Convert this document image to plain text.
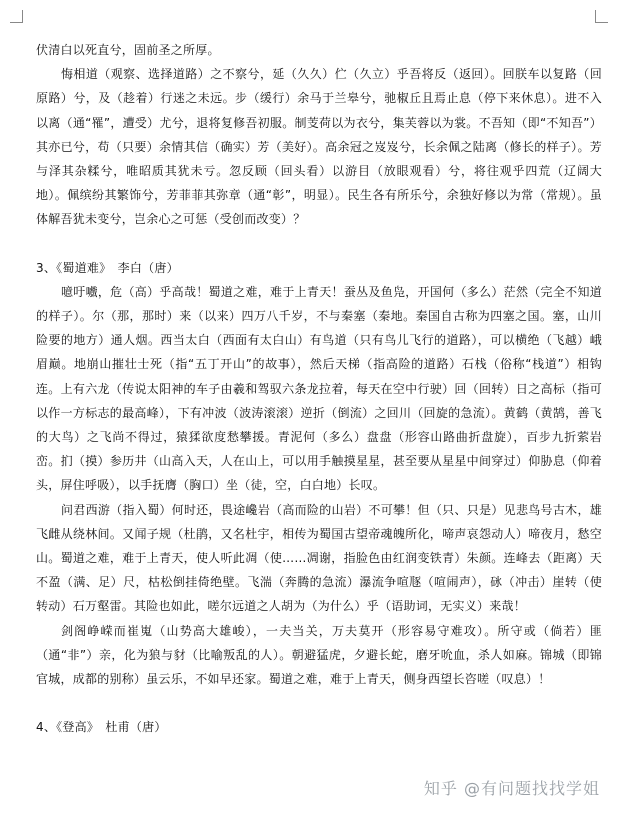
伏清白以死直兮，固前圣之所厚。

悔相道（观察、选择道路）之不察兮，延（久久）伫（久立）乎吾将反（返回）。回朕车以复路（回原路）兮，及（趁着）行迷之未远。步（缓行）余马于兰皋兮，驰椒丘且焉止息（停下来休息）。进不入以离（通“罹”，遭受）尤兮，退将复修吾初服。制芰荷以为衣兮，集芙蓉以为裳。不吾知（即“不知吾”）其亦已兮，苟（只要）余情其信（确实）芳（美好）。高余冠之岌岌兮，长余佩之陆离（修长的样子）。芳与泽其杂糅兮，唯昭质其犹未亏。忽反顾（回头看）以游目（放眼观看）兮，将往观乎四荒（辽阔大地）。佩缤纷其繁饰兮，芳菲菲其弥章（通“彰”，明显）。民生各有所乐兮，余独好修以为常（常规）。虽体解吾犹未变兮，岂余心之可惩（受创而改变）？

3、《蜀道难》　李白（唐）

噫吁嚱，危（高）乎高哉！蜀道之难，难于上青天！蚕丛及鱼凫，开国何（多么）茫然（完全不知道的样子）。尔（那，那时）来（以来）四万八千岁，不与秦塞（秦地。秦国自古称为四塞之国。塞，山川险要的地方）通人烟。西当太白（西面有太白山）有鸟道（只有鸟儿飞行的道路），可以横绝（飞越）峨眉巅。地崩山摧壮士死（指“五丁开山”的故事），然后天梯（指高险的道路）石栈（俗称“栈道”）相钩连。上有六龙（传说太阳神的车子由羲和驾驭六条龙拉着，每天在空中行驶）回（回转）日之高标（指可以作一方标志的最高峰），下有冲波（波涛滚滚）逆折（倒流）之回川（回旋的急流）。黄鹤（黄鹄，善飞的大鸟）之飞尚不得过，猿猱欲度愁攀援。青泥何（多么）盘盘（形容山路曲折盘旋），百步九折萦岩峦。扪（摸）参历井（山高入天，人在山上，可以用手触摸星星，甚至要从星星中间穿过）仰胁息（仰着头，屏住呼吸），以手抚膺（胸口）坐（徒，空，白白地）长叹。

问君西游（指入蜀）何时还，畏途巉岩（高而险的山岩）不可攀！但（只、只是）见悲鸟号古木，雄飞雌从绕林间。又闻子规（杜鹃，又名杜宇，相传为蜀国古望帝魂魄所化，啼声哀怨动人）啼夜月，愁空山。蜀道之难，难于上青天，使人听此凋（使……凋谢，指脸色由红润变铁青）朱颜。连峰去（距离）天不盈（满、足）尺，枯松倒挂倚绝壁。飞湍（奔腾的急流）瀑流争喧豗（喧闹声），砯（冲击）崖转（使转动）石万壑雷。其险也如此，嗟尔远道之人胡为（为什么）乎（语助词，无实义）来哉！

剑阁峥嵘而崔嵬（山势高大雄峻），一夫当关，万夫莫开（形容易守难攻）。所守或（倘若）匪（通“非”）亲，化为狼与豺（比喻叛乱的人）。朝避猛虎，夕避长蛇，磨牙吮血，杀人如麻。锦城（即锦官城，成都的别称）虽云乐，不如早还家。蜀道之难，难于上青天，侧身西望长咨嗟（叹息）！

4、《登高》　杜甫（唐）

知乎 @有问题找找学姐
